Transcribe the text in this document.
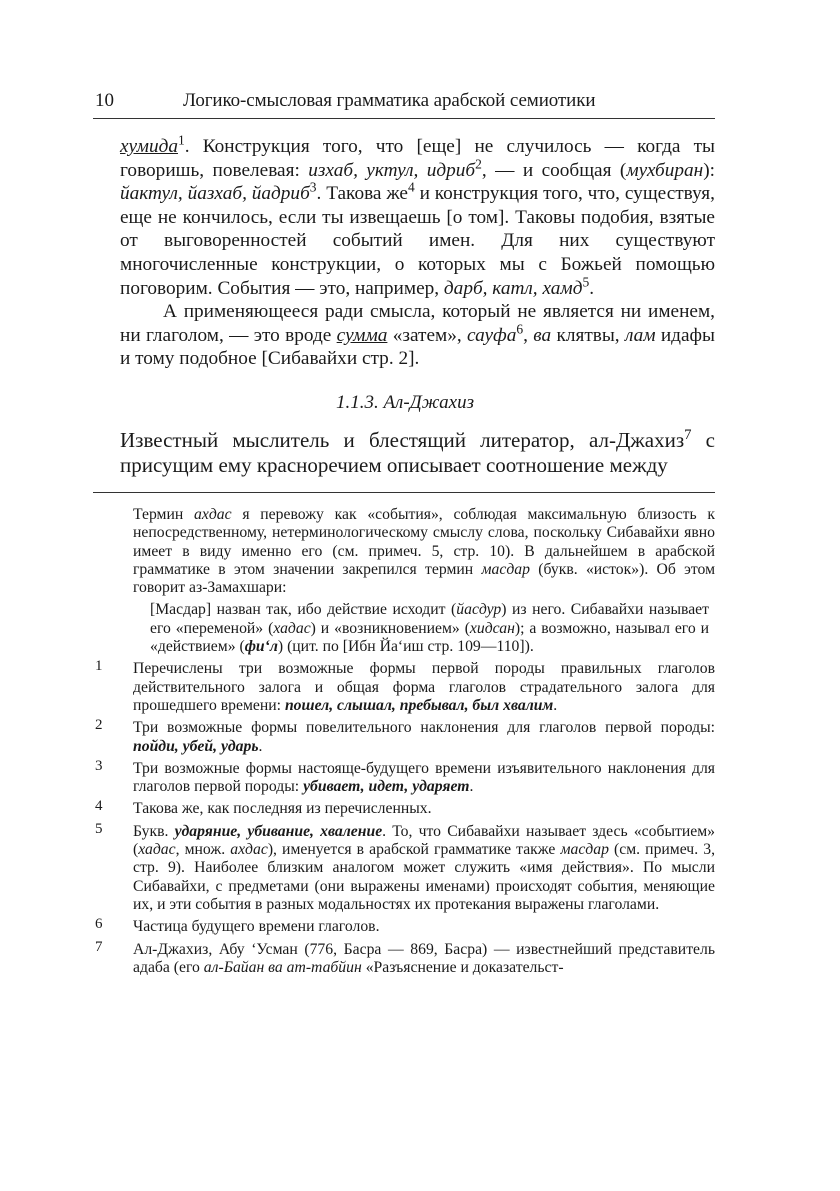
10	Логико-смысловая грамматика арабской семиотики

хумида$^1$. Конструкция того, что [еще] не случилось — когда ты говоришь, повелевая: изхаб, уктул, идриб$^2$, — и сообщая (мухбиран): йактул, йазхаб, йадриб$^3$. Такова $же^4$ и конструкция того, что, существуя, еще не кончилось, если ты извещаешь [о том]. Таковы подобия, взятые от выговоренностей событий имен. Для них существуют многочисленные конструкции, о которых мы с Божьей помощью поговорим. События — это, например, дарб, катл, хамд$^5$.

А применяющееся ради смысла, который не является ни именем, ни глаголом, — это вроде сумма «затем», сауфа$^6$, ва клятвы, лам идафы и тому подобное [Сибавайхи стр. 2].

1.1.3. Ал-Джахиз
Известный мыслитель и блестящий литератор, ал-Джахиз$^7$ с присущим ему красноречием описывает соотношение между

Термин ахдас я перевожу как «события», соблюдая максимальную близость к непосредственному, нетерминологическому смыслу слова, поскольку Сибавайхи явно имеет в виду именно его (см. примеч. 5, стр. 10). В дальнейшем в арабской грамматике в этом значении закрепился термин масдар (букв. «исток»). Об этом говорит аз-Замахшари:

[Масдар] назван так, ибо действие исходит (йасдур) из него. Сибавайхи называет его «переменой» (хадас) и «возникновением» (хидсан); а возможно, называл его и «действием» (фи‘л) (цит. по [Ибн Йа‘иш стр. 109—110]).

1 Перечислены три возможные формы первой породы правильных глаголов действительного залога и общая форма глаголов страдательного залога для прошедшего времени: пошел, слышал, пребывал, был хвалим.

2 Три возможные формы повелительного наклонения для глаголов первой породы: пойди, убей, ударь.

3 Три возможные формы настояще-будущего времени изъявительного наклонения для глаголов первой породы: убивает, идет, ударяет.

4 Такова же, как последняя из перечисленных.

5 Букв. ударяние, убивание, хваление. То, что Сибавайхи называет здесь «событием» (хадас, множ. ахдас), именуется в арабской грамматике также масдар (см. примеч. 3, стр. 9). Наиболее близким аналогом может служить «имя действия». По мысли Сибавайхи, с предметами (они выражены именами) происходят события, меняющие их, и эти события в разных модальностях их протекания выражены глаголами.

6 Частица будущего времени глаголов.

7 Ал-Джахиз, Абу ‘Усман (776, Басра — 869, Басра) — известнейший представитель адаба (его ал-Байан ва ат-табйин «Разъяснение и доказательст-
